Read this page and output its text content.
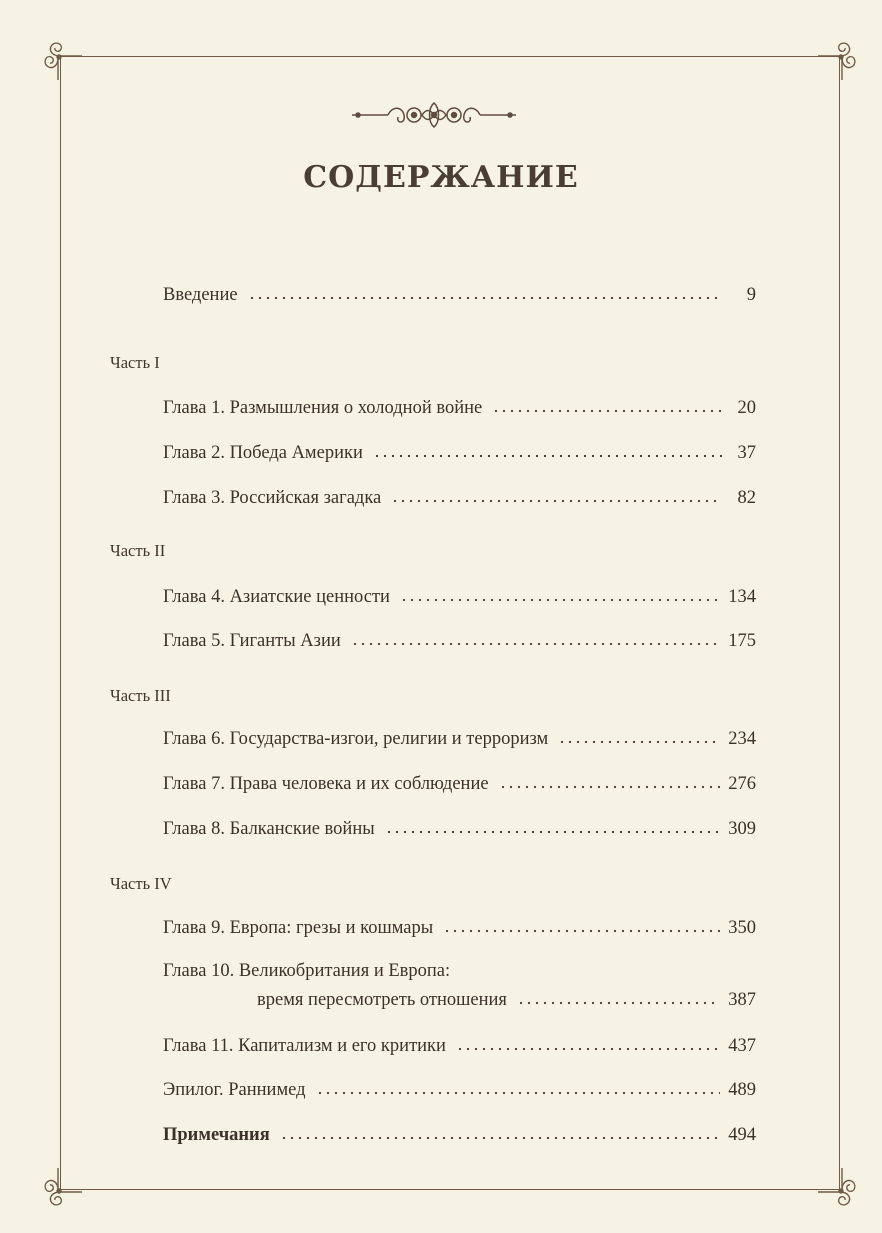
СОДЕРЖАНИЕ
Введение	9
Часть I
Глава 1. Размышления о холодной войне	20
Глава 2. Победа Америки	37
Глава 3. Российская загадка	82
Часть II
Глава 4. Азиатские ценности	134
Глава 5. Гиганты Азии	175
Часть III
Глава 6. Государства-изгои, религии и терроризм	234
Глава 7. Права человека и их соблюдение	276
Глава 8. Балканские войны	309
Часть IV
Глава 9. Европа: грезы и кошмары	350
Глава 10. Великобритания и Европа:
время пересмотреть отношения	387
Глава 11. Капитализм и его критики	437
Эпилог. Раннимед	489
Примечания	494
